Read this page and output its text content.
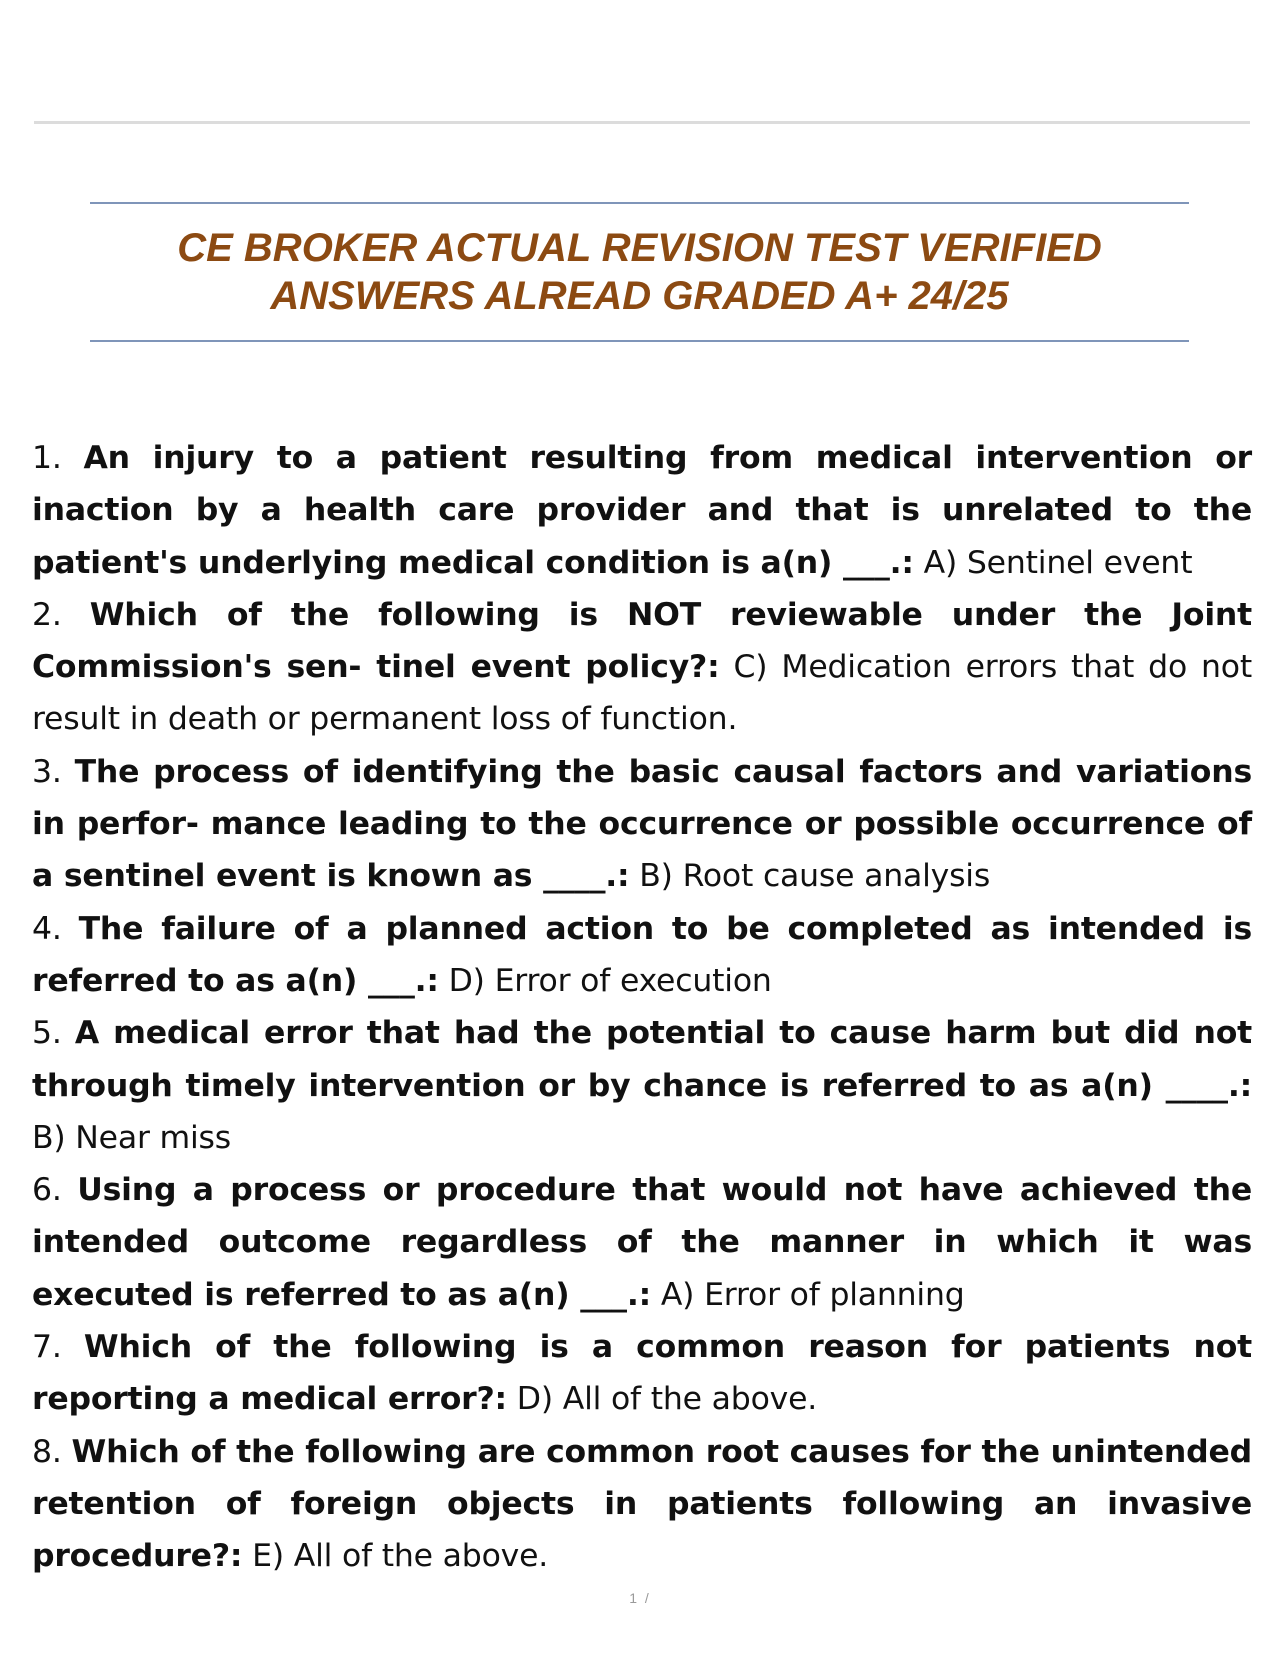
CE BROKER ACTUAL REVISION TEST VERIFIED
ANSWERS ALREAD GRADED A+ 24/25

1. An injury to a patient resulting from medical intervention or inaction by a health care provider and that is unrelated to the patient's underlying medical condition is a(n) ___.: A) Sentinel event

2. Which of the following is NOT reviewable under the Joint Commission's sen- tinel event policy?: C) Medication errors that do not result in death or permanent loss of function.

3. The process of identifying the basic causal factors and variations in perfor- mance leading to the occurrence or possible occurrence of a sentinel event is known as ____.: B) Root cause analysis

4. The failure of a planned action to be completed as intended is referred to as a(n) ___.: D) Error of execution

5. A medical error that had the potential to cause harm but did not through timely intervention or by chance is referred to as a(n) ____.: B) Near miss

6. Using a process or procedure that would not have achieved the intended outcome regardless of the manner in which it was executed is referred to as a(n) ___.: A) Error of planning

7. Which of the following is a common reason for patients not reporting a medical error?: D) All of the above.

8. Which of the following are common root causes for the unintended retention of foreign objects in patients following an invasive procedure?: E) All of the above.

1 /
